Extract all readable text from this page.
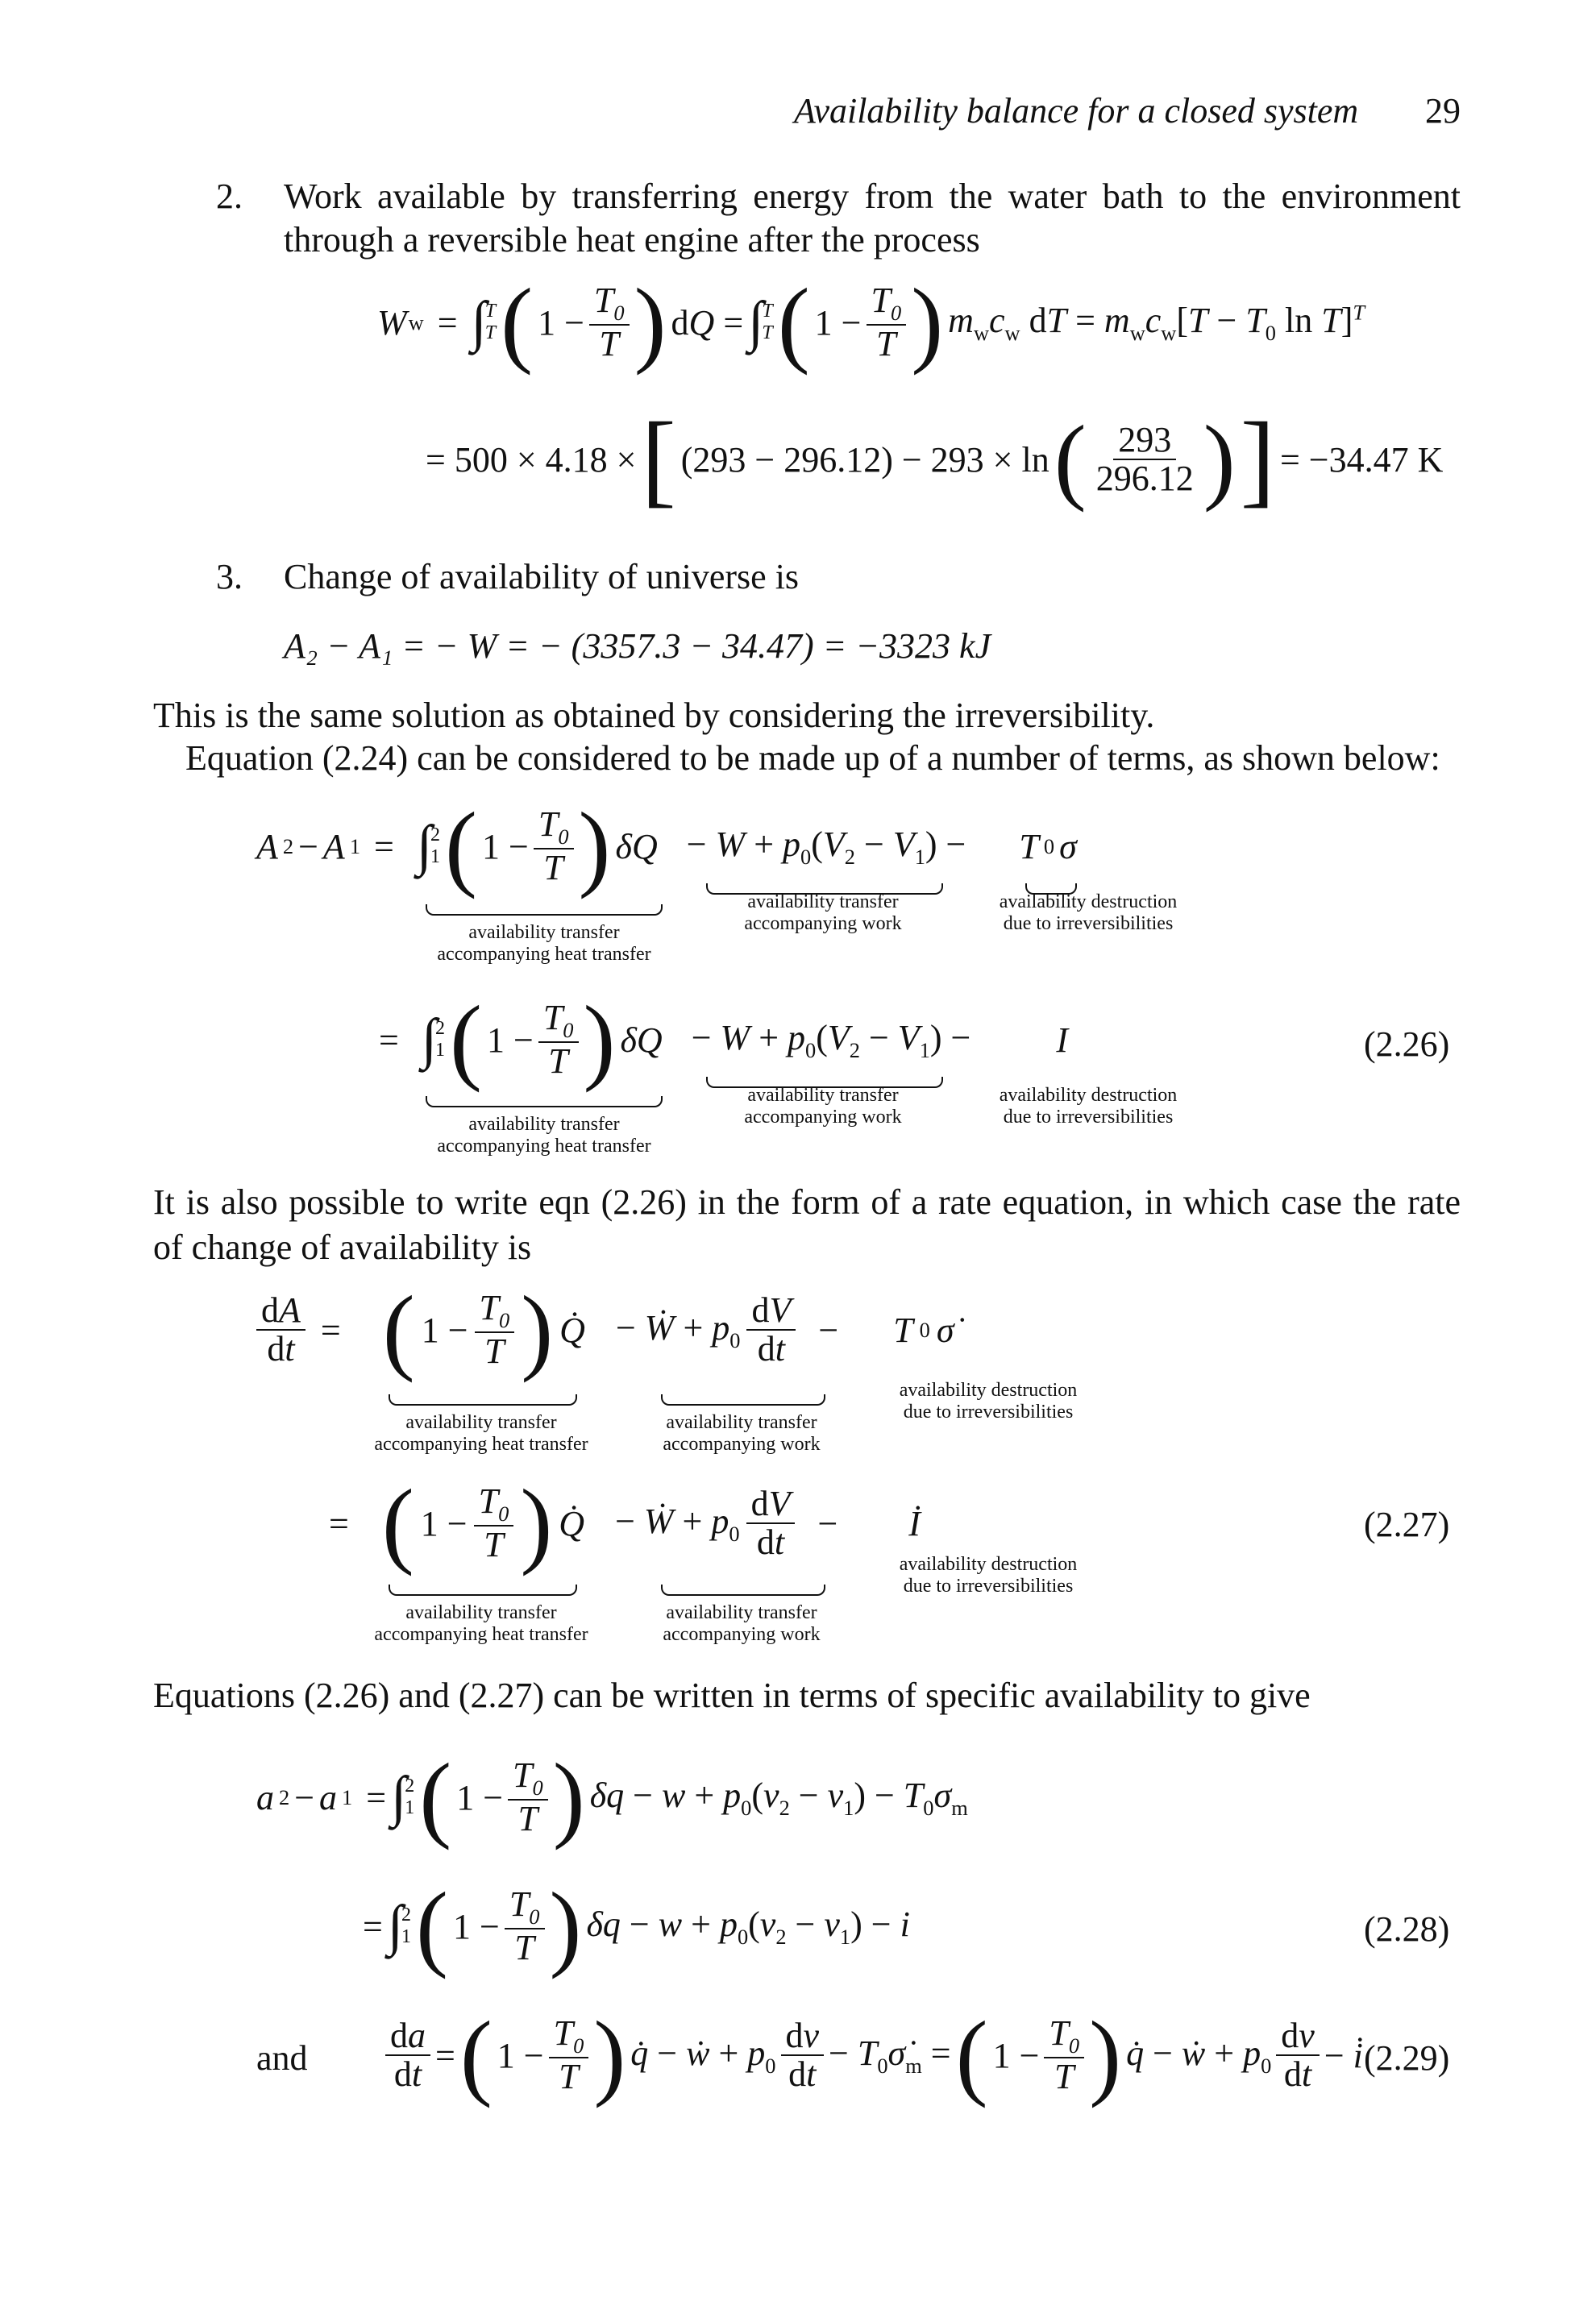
Availability balance for a closed system 29
2. Work available by transferring energy from the water bath to the environment
through a reversible heat engine after the process
W w = ∫
T
T ( $1 - \frac{T_0}{T}$ ) dQ = ∫
T
T ( $1 - \frac{T_0}{T}$ ) $m_wc_w$ dT = $m_wc_w[T - T_0$ ln T]$^T$
= 500 × 4.18 × [ (293 − 296.12) − 293 × ln ( $\frac{293}{296.12}$ ) ] = −34.47 K
3. Change of availability of universe is
A₂ − A₁ = − W = − (3357.3 − 34.47) = −3323 kJ
This is the same solution as obtained by considering the irreversibility.
Equation (2.24) can be considered to be made up of a number of terms, as shown below:
A 2 − A 1 = ∫
2
1 ( $1 - \frac{T_0}{T}$ ) $\delta Q - W + p_0(V_2 - V_1) - T$ 0 σ
availability transfer
accompanying heat transfer
availability transfer
accompanying work
availability destruction
due to irreversibilities
= ∫
2
1 ( $1 - \frac{T_0}{T}$ ) $\delta Q - W + p_0(V_2 - V_1) - I$	(2.26)
availability transfer
accompanying heat transfer
availability transfer
accompanying work
availability destruction
due to irreversibilities
It is also possible to write eqn (2.26) in the form of a rate equation, in which case the rate
of change of availability is
$\frac{dA}{dt}$ = ( $1 - \frac{T_0}{T}$ ) Q̇ − Ẇ + $p_0 \frac{dV}{dt} - T$ 0 σ̇
availability transfer
accompanying heat transfer
availability transfer
accompanying work
availability destruction
due to irreversibilities
= ( $1 - \frac{T_0}{T}$ ) Q̇ − Ẇ + $p_0 \frac{dV}{dt}$ − İ	(2.27)
availability transfer
accompanying heat transfer
availability transfer
accompanying work
availability destruction
due to irreversibilities
Equations (2.26) and (2.27) can be written in terms of specific availability to give
a 2 − a 1 = ∫
2
1 ( $1 - \frac{T_0}{T}$ ) $\delta q - w + p_0(v_2 - v_1) - T_0\sigma_m$
= ∫
2
1 ( $1 - \frac{T_0}{T}$ ) $\delta q - w + p_0(v_2 - v_1) - i$	(2.28)
and $\frac{da}{dt}$ = ( $1 - \frac{T_0}{T}$ ) q̇ − ẇ + $p_0 \frac{dv}{dt}$ − $T_0\sigmȧ_m$ = ( $1 - \frac{T_0}{T}$ ) q̇ − ẇ + $p_0 \frac{dv}{dt}$ − i̇ (2.29)
